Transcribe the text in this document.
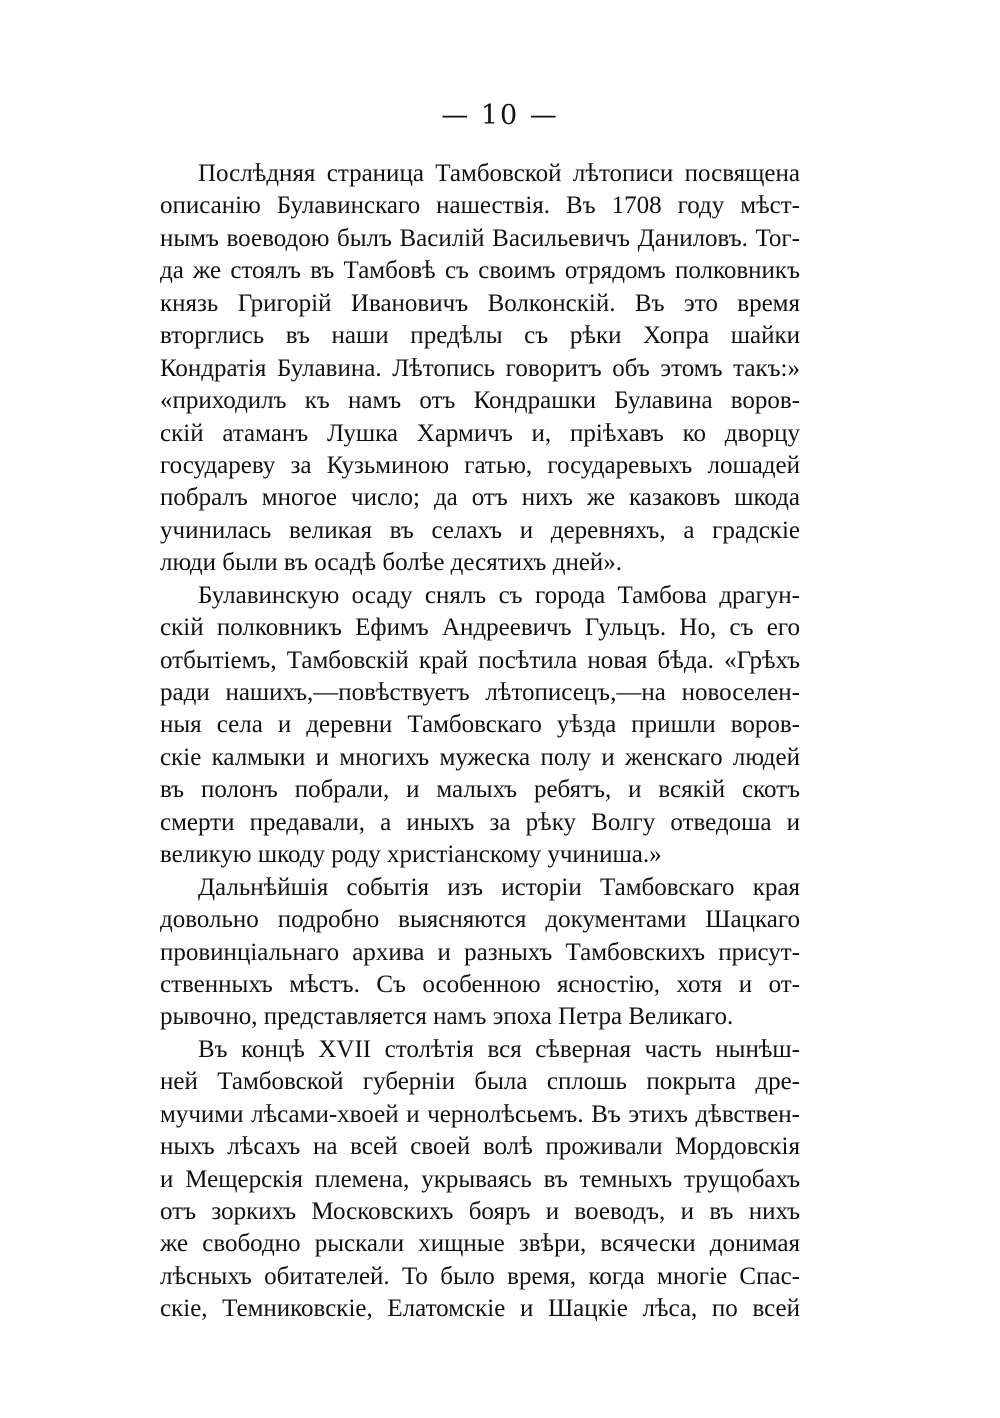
— 10 —
Послѣдняя страница Тамбовской лѣтописи посвящена
описанію Булавинскаго нашествія. Въ 1708 году мѣст-
нымъ воеводою былъ Василій Васильевичъ Даниловъ. Тог-
да же стоялъ въ Тамбовѣ съ своимъ отрядомъ полковникъ
князь Григорій Ивановичъ Волконскій. Въ это время
вторглись въ наши предѣлы съ рѣки Хопра шайки
Кондратія Булавина. Лѣтопись говоритъ объ этомъ такъ:»
«приходилъ къ намъ отъ Кондрашки Булавина воров-
скій атаманъ Лушка Хармичъ и, пріѣхавъ ко дворцу
государеву за Кузьминою гатью, государевыхъ лошадей
побралъ многое число; да отъ нихъ же казаковъ шкода
учинилась великая въ селахъ и деревняхъ, а градскіе
люди были въ осадѣ болѣе десятихъ дней».
Булавинскую осаду снялъ съ города Тамбова драгун-
скій полковникъ Ефимъ Андреевичъ Гульцъ. Но, съ его
отбытіемъ, Тамбовскій край посѣтила новая бѣда. «Грѣхъ
ради нашихъ,—повѣствуетъ лѣтописецъ,—на новоселен-
ныя села и деревни Тамбовскаго уѣзда пришли воров-
скіе калмыки и многихъ мужеска полу и женскаго людей
въ полонъ побрали, и малыхъ ребятъ, и всякій скотъ
смерти предавали, а иныхъ за рѣку Волгу отведоша и
великую шкоду роду христіанскому учиниша.»
Дальнѣйшія событія изъ исторіи Тамбовскаго края
довольно подробно выясняются документами Шацкаго
провинціальнаго архива и разныхъ Тамбовскихъ присут-
ственныхъ мѣстъ. Съ особенною ясностію, хотя и от-
рывочно, представляется намъ эпоха Петра Великаго.
Въ концѣ XVII столѣтія вся сѣверная часть нынѣш-
ней Тамбовской губерніи была сплошь покрыта дре-
мучими лѣсами-хвоей и чернолѣсьемъ. Въ этихъ дѣвствен-
ныхъ лѣсахъ на всей своей волѣ проживали Мордовскія
и Мещерскія племена, укрываясь въ темныхъ трущобахъ
отъ зоркихъ Московскихъ бояръ и воеводъ, и въ нихъ
же свободно рыскали хищные звѣри, всячески донимая
лѣсныхъ обитателей. То было время, когда многіе Спас-
скіе, Темниковскіе, Елатомскіе и Шацкіе лѣса, по всей
